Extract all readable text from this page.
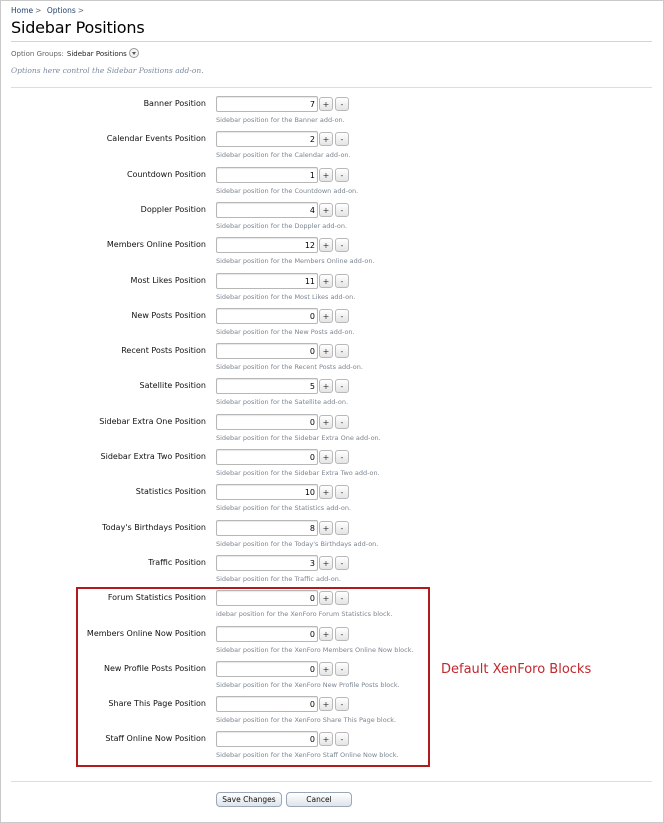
Home > Options >
Sidebar Positions
Option Groups: Sidebar Positions
Options here control the Sidebar Positions add-on.
Banner Position	7 +	-
Sidebar position for the Banner add-on.
Calendar Events Position	2 +	-
Sidebar position for the Calendar add-on.
Countdown Position	1 +	-
Sidebar position for the Countdown add-on.
Doppler Position	4 +	-
Sidebar position for the Doppler add-on.
Members Online Position	12 +	-
Sidebar position for the Members Online add-on.
Most Likes Position	11 +	-
Sidebar position for the Most Likes add-on.
New Posts Position	0 +	-
Sidebar position for the New Posts add-on.
Recent Posts Position	0 +	-
Sidebar position for the Recent Posts add-on.
Satellite Position	5 +	-
Sidebar position for the Satellite add-on.
Sidebar Extra One Position	0 +	-
Sidebar position for the Sidebar Extra One add-on.
Sidebar Extra Two Position	0 +	-
Sidebar position for the Sidebar Extra Two add-on.
Statistics Position	10 +	-
Sidebar position for the Statistics add-on.
Today's Birthdays Position	8 +	-
Sidebar position for the Today's Birthdays add-on.
Traffic Position	3 +	-
Sidebar position for the Traffic add-on.
Forum Statistics Position	0 +	-
idebar position for the XenForo Forum Statistics block.
Members Online Now Position	0 +	-
Sidebar position for the XenForo Members Online Now block.
New Profile Posts Position	0 +	-
Sidebar position for the XenForo New Profile Posts block.
Share This Page Position	0 +	-
Sidebar position for the XenForo Share This Page block.
Staff Online Now Position	0 +	-
Sidebar position for the XenForo Staff Online Now block.
Default XenForo Blocks
Save Changes	Cancel
